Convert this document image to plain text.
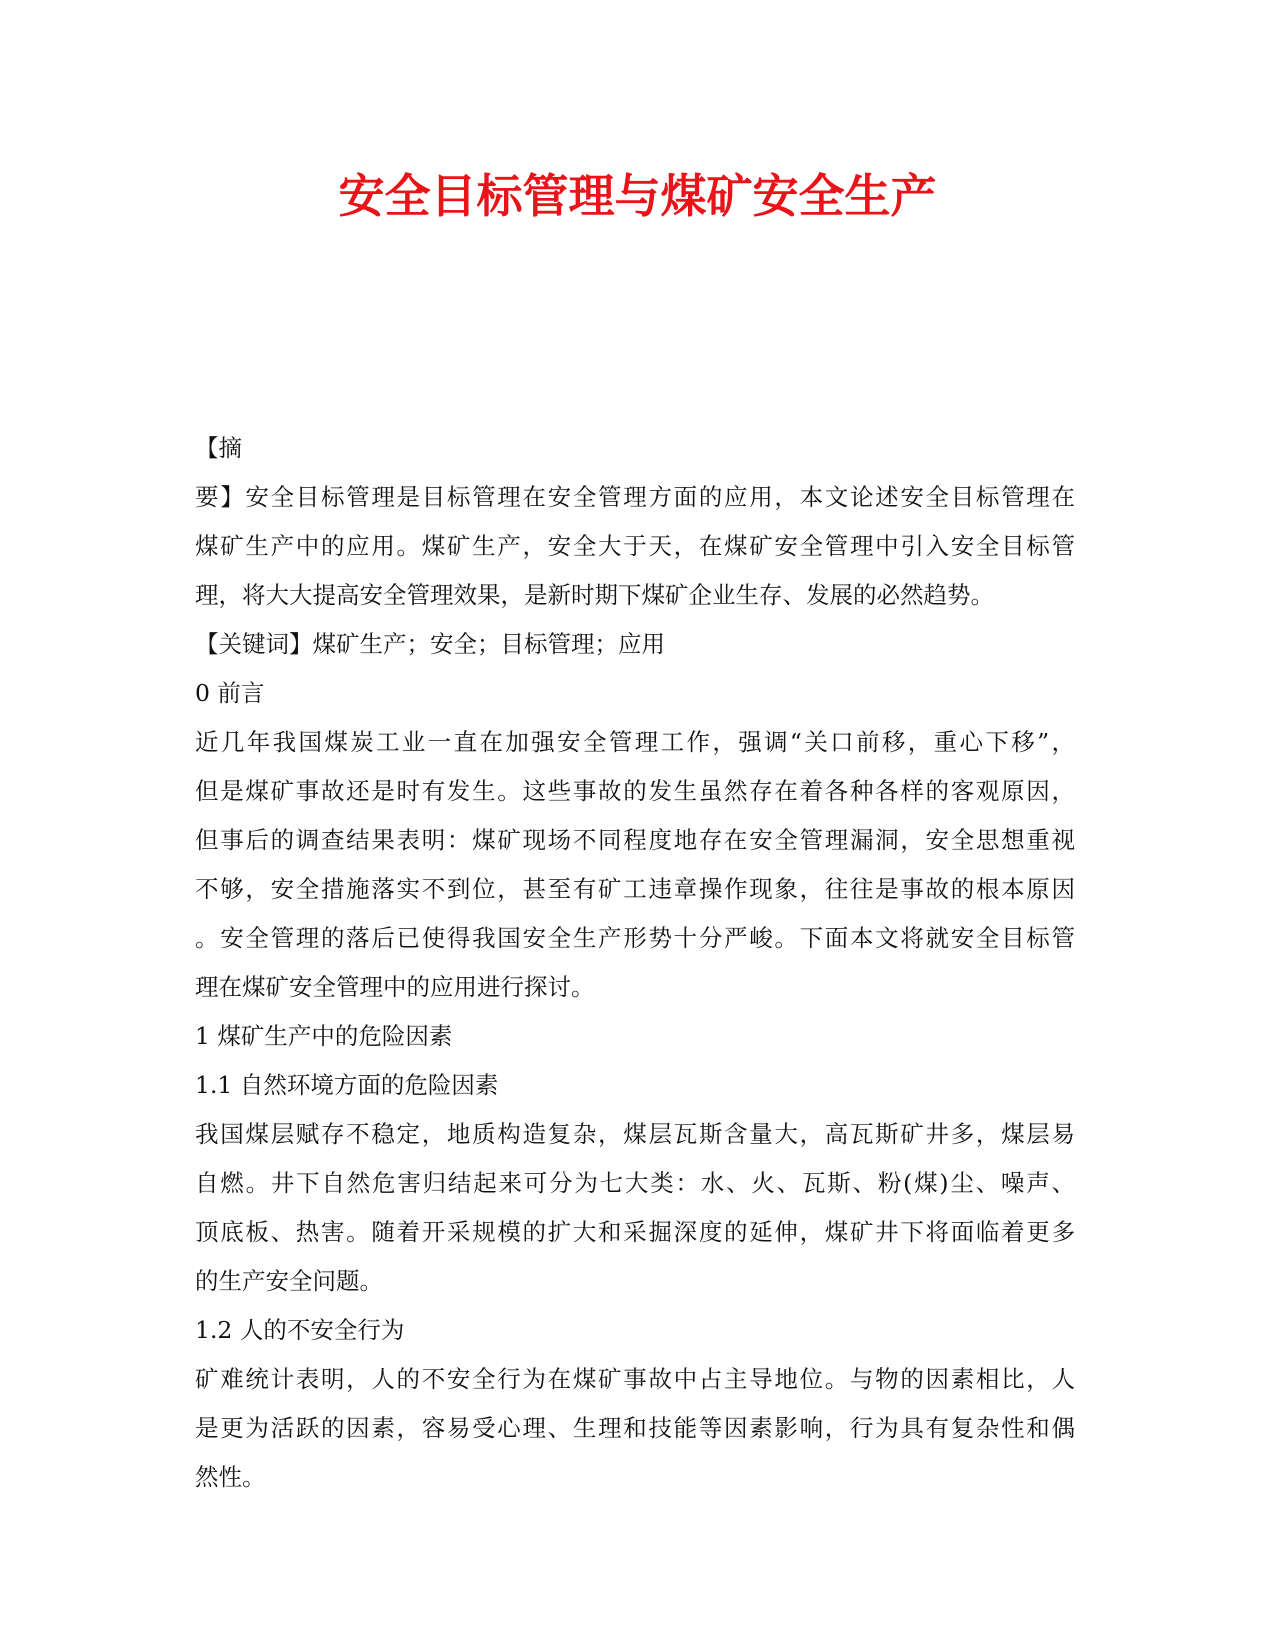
安全目标管理与煤矿安全生产
【摘
要】安全目标管理是目标管理在安全管理方面的应用，本文论述安全目标管理在
煤矿生产中的应用。煤矿生产，安全大于天，在煤矿安全管理中引入安全目标管
理，将大大提高安全管理效果，是新时期下煤矿企业生存、发展的必然趋势。
【关键词】煤矿生产；安全；目标管理；应用
0 前言
近几年我国煤炭工业一直在加强安全管理工作，强调“关口前移，重心下移”，
但是煤矿事故还是时有发生。这些事故的发生虽然存在着各种各样的客观原因，
但事后的调查结果表明：煤矿现场不同程度地存在安全管理漏洞，安全思想重视
不够，安全措施落实不到位，甚至有矿工违章操作现象，往往是事故的根本原因
。安全管理的落后已使得我国安全生产形势十分严峻。下面本文将就安全目标管
理在煤矿安全管理中的应用进行探讨。
1 煤矿生产中的危险因素
1.1 自然环境方面的危险因素
我国煤层赋存不稳定，地质构造复杂，煤层瓦斯含量大，高瓦斯矿井多，煤层易
自燃。井下自然危害归结起来可分为七大类：水、火、瓦斯、粉(煤)尘、噪声、
顶底板、热害。随着开采规模的扩大和采掘深度的延伸，煤矿井下将面临着更多
的生产安全问题。
1.2 人的不安全行为
矿难统计表明，人的不安全行为在煤矿事故中占主导地位。与物的因素相比，人
是更为活跃的因素，容易受心理、生理和技能等因素影响，行为具有复杂性和偶
然性。
